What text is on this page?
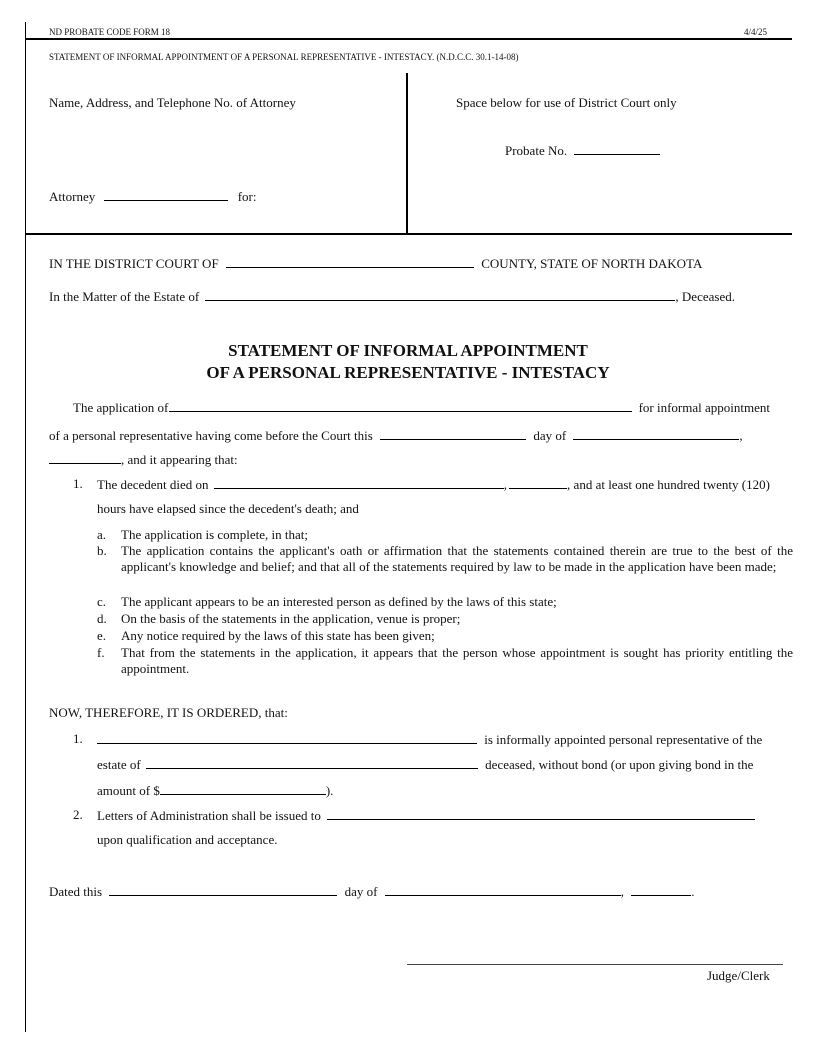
ND PROBATE CODE FORM 18	4/4/25
STATEMENT OF INFORMAL APPOINTMENT OF A PERSONAL REPRESENTATIVE - INTESTACY. (N.D.C.C. 30.1-14-08)
Name, Address, and Telephone No. of Attorney
Attorney	for:
Space below for use of District Court only
Probate No.
IN THE DISTRICT COURT OF	COUNTY, STATE OF NORTH DAKOTA
In the Matter of the Estate of	, Deceased.
STATEMENT OF INFORMAL APPOINTMENT
OF A PERSONAL REPRESENTATIVE - INTESTACY
The application of	for informal appointment
of a personal representative having come before the Court this	day of	,
, and it appearing that:
1. The decedent died on	,	, and at least one hundred twenty (120)
hours have elapsed since the decedent's death; and
a.	The application is complete, in that;
b.	The application contains the applicant's oath or affirmation that the statements contained therein are true to the best of the applicant's knowledge and belief; and that all of the statements required by law to be made in the application have been made;
c.	The applicant appears to be an interested person as defined by the laws of this state;
d.	On the basis of the statements in the application, venue is proper;
e.	Any notice required by the laws of this state has been given;
f.	That from the statements in the application, it appears that the person whose appointment is sought has priority entitling the appointment.
NOW, THEREFORE, IT IS ORDERED, that:
1.	is informally appointed personal representative of the
estate of	deceased, without bond (or upon giving bond in the
amount of $	).
2. Letters of Administration shall be issued to
upon qualification and acceptance.
Dated this	day of	,	.
Judge/Clerk
